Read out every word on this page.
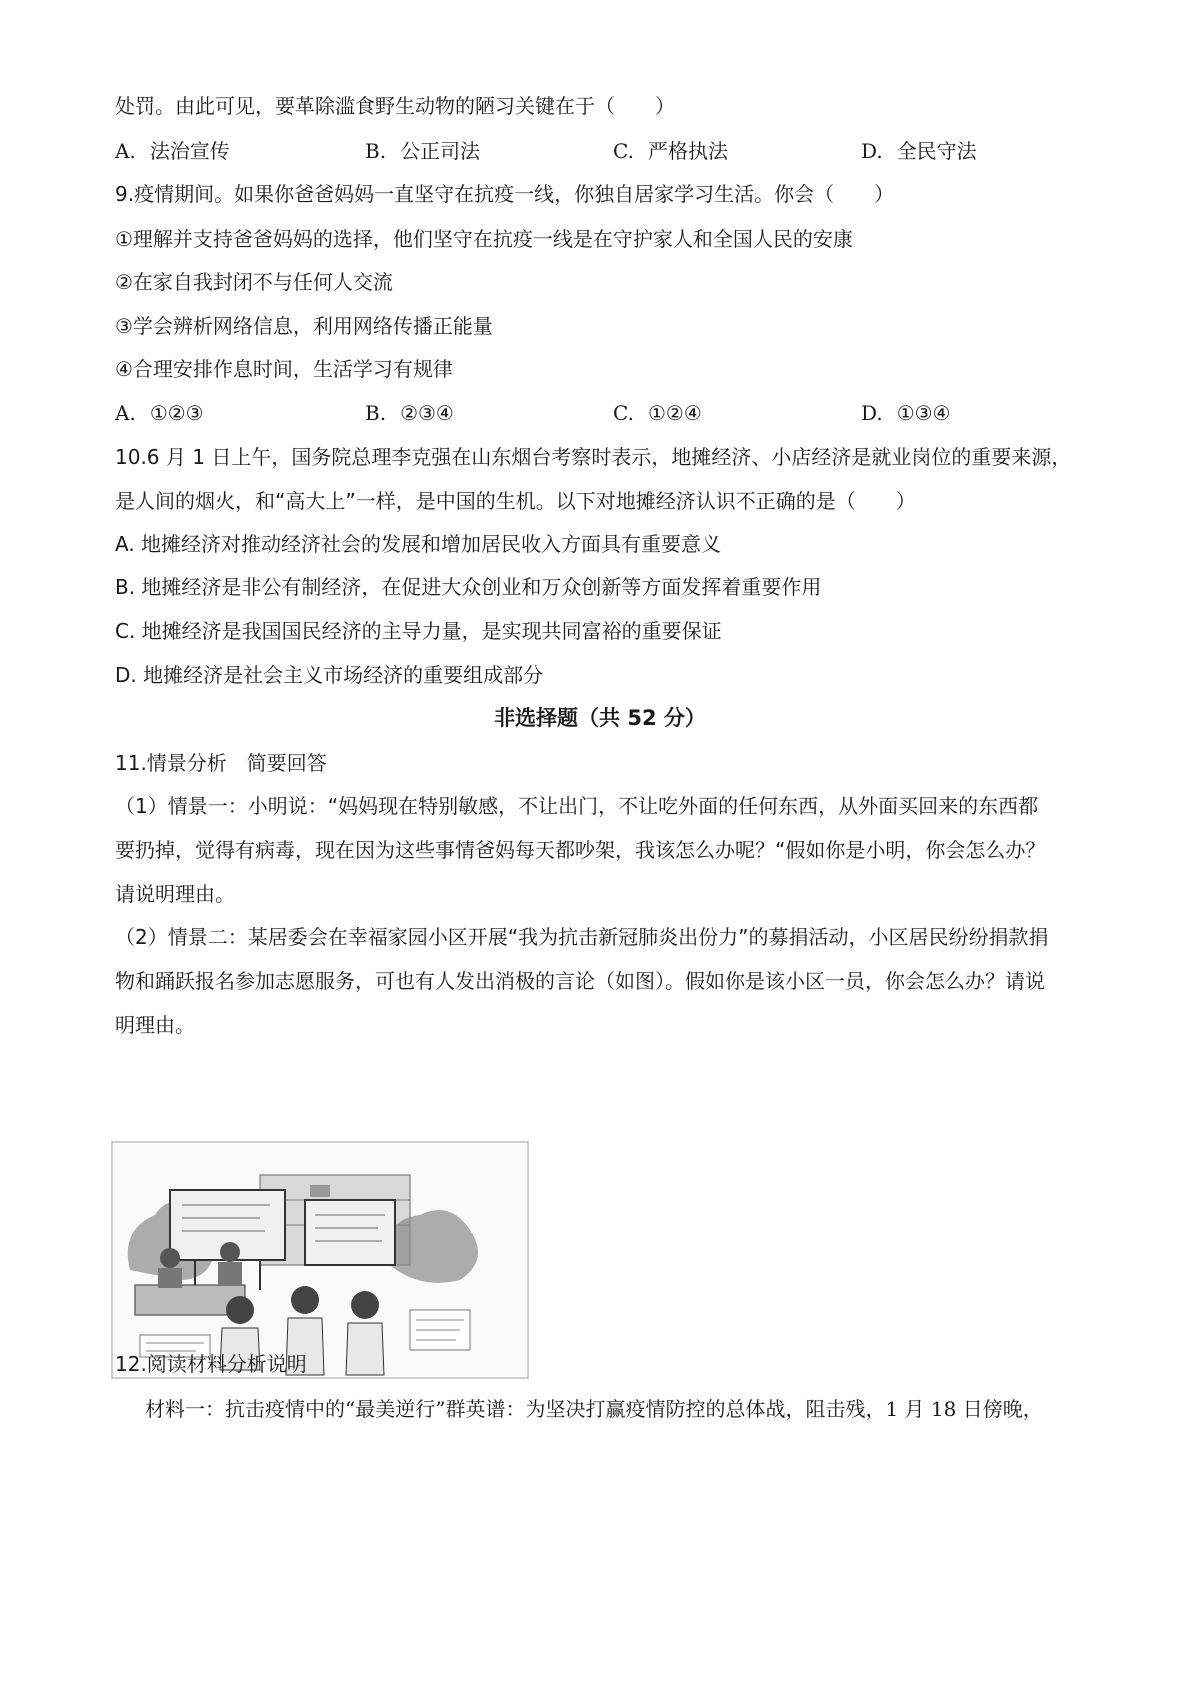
处罚。由此可见，要革除滥食野生动物的陋习关键在于（　　）
A. 法治宣传	B. 公正司法	C. 严格执法	D. 全民守法
9.疫情期间。如果你爸爸妈妈一直坚守在抗疫一线，你独自居家学习生活。你会（　　）
①理解并支持爸爸妈妈的选择，他们坚守在抗疫一线是在守护家人和全国人民的安康
②在家自我封闭不与任何人交流
③学会辨析网络信息，利用网络传播正能量
④合理安排作息时间，生活学习有规律
A. ①②③	B. ②③④	C. ①②④	D. ①③④
10.6 月 1 日上午，国务院总理李克强在山东烟台考察时表示，地摊经济、小店经济是就业岗位的重要来源，
是人间的烟火，和“高大上”一样，是中国的生机。以下对地摊经济认识不正确的是（　　）
A. 地摊经济对推动经济社会的发展和增加居民收入方面具有重要意义
B. 地摊经济是非公有制经济，在促进大众创业和万众创新等方面发挥着重要作用
C. 地摊经济是我国国民经济的主导力量，是实现共同富裕的重要保证
D. 地摊经济是社会主义市场经济的重要组成部分
非选择题（共 52 分）
11.情景分析　简要回答
（1）情景一：小明说：“妈妈现在特别敏感，不让出门，不让吃外面的任何东西，从外面买回来的东西都
要扔掉，觉得有病毒，现在因为这些事情爸妈每天都吵架，我该怎么办呢？“假如你是小明，你会怎么办？
请说明理由。
（2）情景二：某居委会在幸福家园小区开展“我为抗击新冠肺炎出份力”的募捐活动，小区居民纷纷捐款捐
物和踊跃报名参加志愿服务，可也有人发出消极的言论（如图）。假如你是该小区一员，你会怎么办？请说
明理由。
12.阅读材料分析说明
材料一：抗击疫情中的“最美逆行”群英谱：为坚决打赢疫情防控的总体战，阻击残，1 月 18 日傍晚，
